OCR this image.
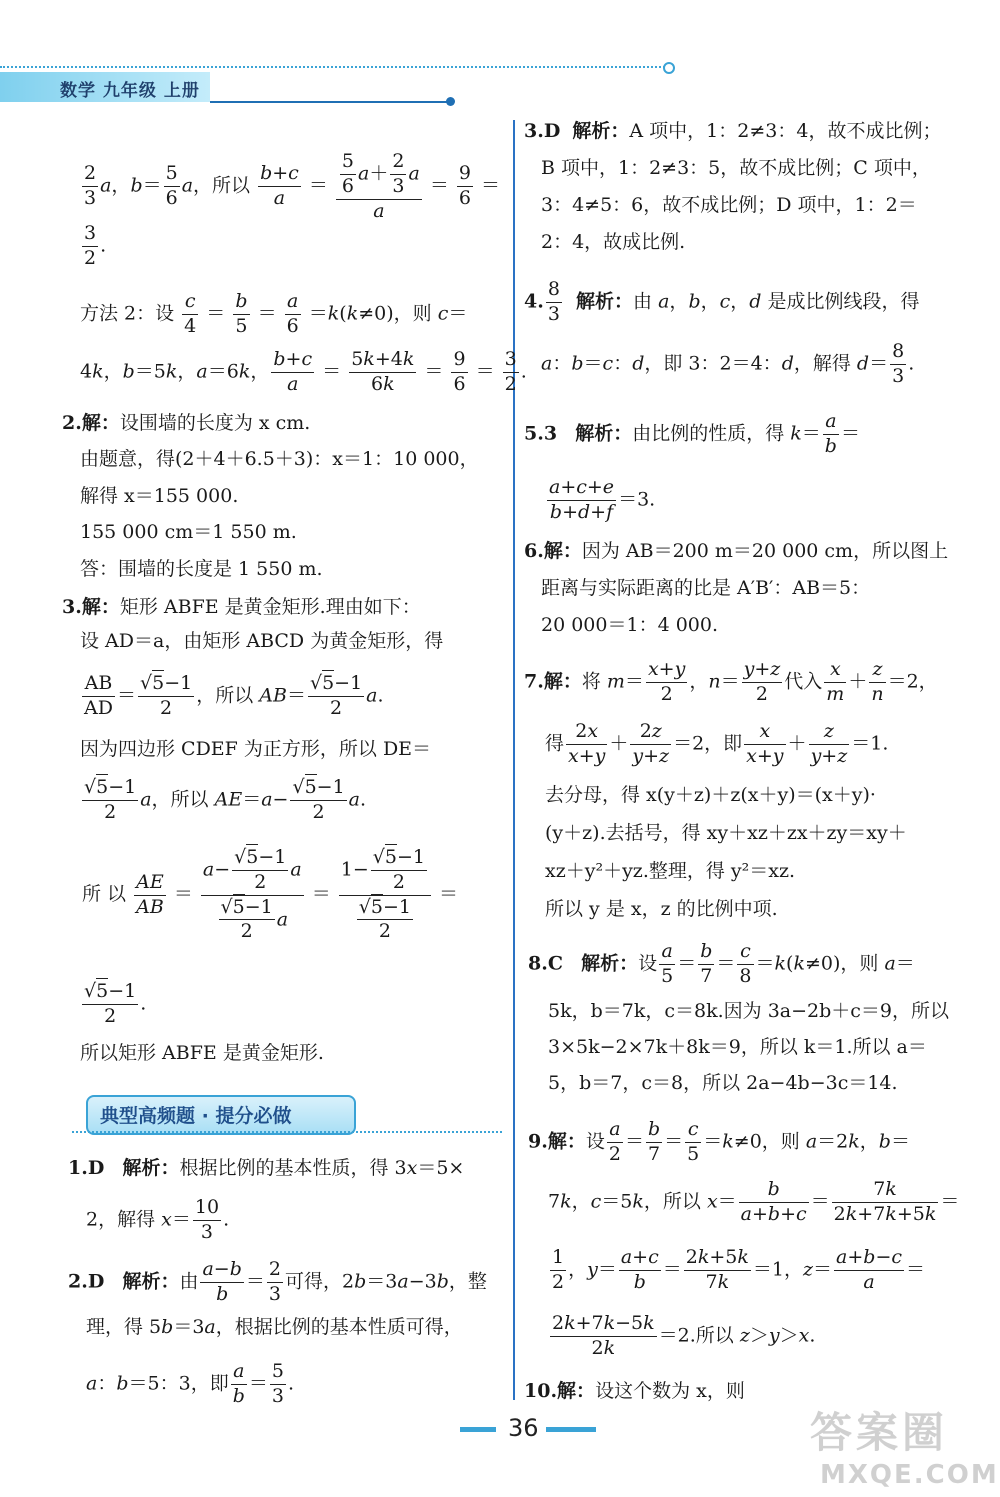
数学 九年级 上册
$\frac{2}{3}$ a，$b= \frac{5}{6}$ a，所以 $\frac{b+c}{a} = \frac{\frac{5}{6} a+ \frac{2}{3} a}{a} = \frac{9}{6}$ ＝
$\frac{3}{2}$ .
方法 2：设 $\frac{c}{4} = \frac{b}{5} = \frac{a}{6} =k(k\ne 0)$，则 c＝
4k，b＝5k，a＝6k， $\frac{b+c}{a} = \frac{5k+4k}{6k} = \frac{9}{6} = \frac{3}{2}$ .
2.解：设围墙的长度为 x cm.
由题意，得(2＋4＋6.5＋3)：x＝1：10 000，
解得 x＝155 000.
155 000 cm＝1 550 m.
答：围墙的长度是 1 550 m.
3.解：矩形 ABFE 是黄金矩形.理由如下：
设 AD＝a，由矩形 ABCD 为黄金矩形，得
$\frac{AB}{AD} = \frac{√5-1}{2}$ ，所以 $AB= \frac{√5-1}{2} a$.
因为四边形 CDEF 为正方形，所以 DE＝
$\frac{√5-1}{2}$ a，所以 $AE=a- \frac{√5-1}{2} a$.
所 以 $\frac{AE}{AB} = \frac{a- \frac{√5-1}{2} a}{\frac{√5-1}{2} a} = \frac{1- \frac{√5-1}{2}}{\frac{√5-1}{2}}$ ＝
$\frac{√5-1}{2}$ .
所以矩形 ABFE 是黄金矩形.
典型高频题 · 提分必做
1.D 解析：根据比例的基本性质，得 3x＝5×
2，解得 $x= \frac{10}{3}$ .
2.D 解析：由 $\frac{a-b}{b} = \frac{2}{3}$ 可得，2b＝3a−3b，整
理，得 5b＝3a，根据比例的基本性质可得，
a：b＝5：3，即 $\frac{a}{b} = \frac{5}{3}$ .
3.D 解析：A 项中，1：2≠3：4，故不成比例；
B 项中，1：2≠3：5，故不成比例；C 项中，
3：4≠5：6，故不成比例；D 项中，1：2＝
2：4，故成比例.
4. $\frac{8}{3}$ 解析：由 a，b，c，d 是成比例线段，得
a：b＝c：d，即 3：2＝4：d，解得 $d= \frac{8}{3}$ .
5.3 解析：由比例的性质，得 $k= \frac{a}{b}$ ＝
$\frac{a+c+e}{b+d+f} =3$.
6.解：因为 AB＝200 m＝20 000 cm，所以图上
距离与实际距离的比是 A′B′：AB＝5：
20 000＝1：4 000.
7.解：将 $m= \frac{x+y}{2}$ ，$n= \frac{y+z}{2}$ 代入 $\frac{x}{m} + \frac{z}{n} =2$，
得 $\frac{2x}{x+y} + \frac{2z}{y+z} =2$，即 $\frac{x}{x+y} + \frac{z}{y+z} =1$.
去分母，得 x(y＋z)＋z(x＋y)＝(x＋y)·
(y＋z).去括号，得 xy＋xz＋zx＋zy＝xy＋
xz＋y²＋yz.整理，得 y²＝xz.
所以 y 是 x，z 的比例中项.
8.C 解析：设 $\frac{a}{5} = \frac{b}{7} = \frac{c}{8} =k(k\ne 0)$，则 a＝
5k，b＝7k，c＝8k.因为 3a−2b＋c＝9，所以
3×5k−2×7k＋8k＝9，所以 k＝1.所以 a＝
5，b＝7，c＝8，所以 2a−4b−3c＝14.
9.解：设 $\frac{a}{2} = \frac{b}{7} = \frac{c}{5} =k\ne 0$，则 a＝2k，b＝
7k，c＝5k，所以 $x= \frac{b}{a+b+c} = \frac{7k}{2k+7k+5k}$ ＝
$\frac{1}{2}$ ，$y= \frac{a+c}{b} = \frac{2k+5k}{7k} =1$，$z= \frac{a+b-c}{a}$ ＝
$\frac{2k+7k-5k}{2k} =2$.所以 z＞y＞x.
10.解：设这个数为 x，则
36	答案圈
MXQE.COM
